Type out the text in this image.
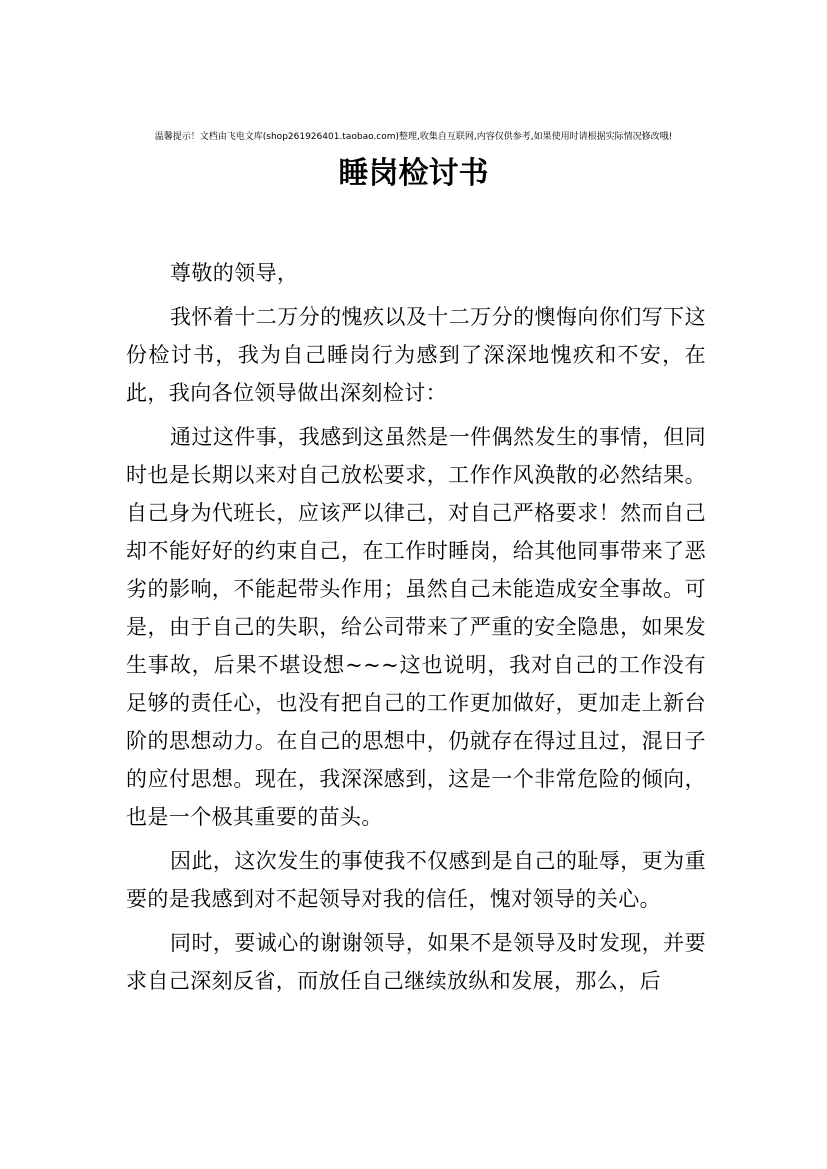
温馨提示！文档由飞电文库(shop261926401.taobao.com)整理,收集自互联网,内容仅供参考,如果使用时请根据实际情况修改哦!
睡岗检讨书

尊敬的领导，

我怀着十二万分的愧疚以及十二万分的懊悔向你们写下这份检讨书，我为自己睡岗行为感到了深深地愧疚和不安，在此，我向各位领导做出深刻检讨：

通过这件事，我感到这虽然是一件偶然发生的事情，但同时也是长期以来对自己放松要求，工作作风涣散的必然结果。自己身为代班长，应该严以律己，对自己严格要求！然而自己却不能好好的约束自己，在工作时睡岗，给其他同事带来了恶劣的影响，不能起带头作用；虽然自己未能造成安全事故。可是，由于自己的失职，给公司带来了严重的安全隐患，如果发生事故，后果不堪设想~~~这也说明，我对自己的工作没有足够的责任心，也没有把自己的工作更加做好，更加走上新台阶的思想动力。在自己的思想中，仍就存在得过且过，混日子的应付思想。现在，我深深感到，这是一个非常危险的倾向，也是一个极其重要的苗头。

因此，这次发生的事使我不仅感到是自己的耻辱，更为重要的是我感到对不起领导对我的信任，愧对领导的关心。

同时，要诚心的谢谢领导，如果不是领导及时发现，并要求自己深刻反省，而放任自己继续放纵和发展，那么，后
